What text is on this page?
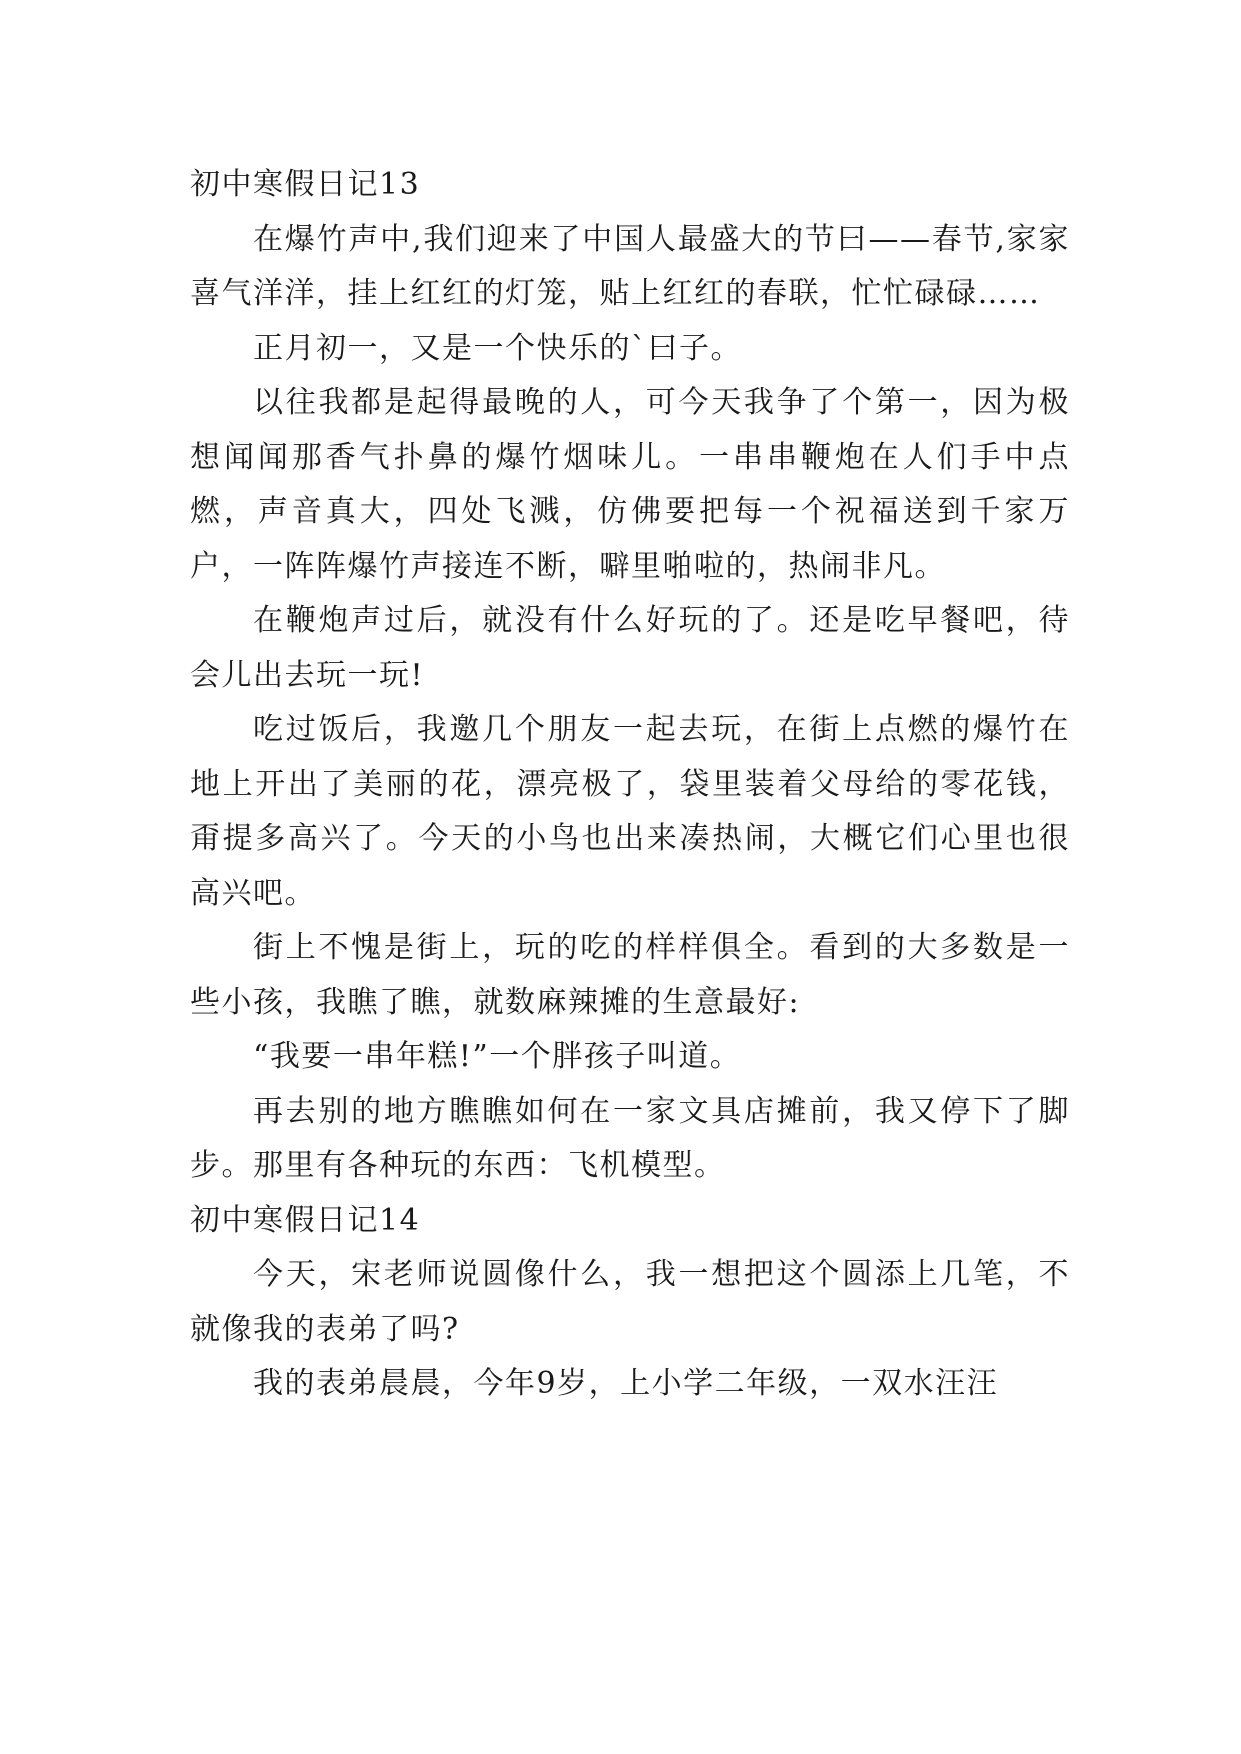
初中寒假日记13

在爆竹声中,我们迎来了中国人最盛大的节曰——春节,家家喜气洋洋，挂上红红的灯笼，贴上红红的春联，忙忙碌碌……

正月初一，又是一个快乐的`曰子。

以往我都是起得最晚的人，可今天我争了个第一，因为极想闻闻那香气扑鼻的爆竹烟味儿。一串串鞭炮在人们手中点燃，声音真大，四处飞溅，仿佛要把每一个祝福送到千家万户，一阵阵爆竹声接连不断，噼里啪啦的，热闹非凡。

在鞭炮声过后，就没有什么好玩的了。还是吃早餐吧，待会儿出去玩一玩!

吃过饭后，我邀几个朋友一起去玩，在街上点燃的爆竹在地上开出了美丽的花，漂亮极了，袋里装着父母给的零花钱，甭提多高兴了。今天的小鸟也出来凑热闹，大概它们心里也很高兴吧。

街上不愧是街上，玩的吃的样样俱全。看到的大多数是一些小孩，我瞧了瞧，就数麻辣摊的生意最好:

“我要一串年糕!”一个胖孩子叫道。

再去别的地方瞧瞧如何在一家文具店摊前，我又停下了脚步。那里有各种玩的东西：飞机模型。

初中寒假日记14

今天，宋老师说圆像什么，我一想把这个圆添上几笔，不就像我的表弟了吗?

我的表弟晨晨，今年9岁，上小学二年级，一双水汪汪
